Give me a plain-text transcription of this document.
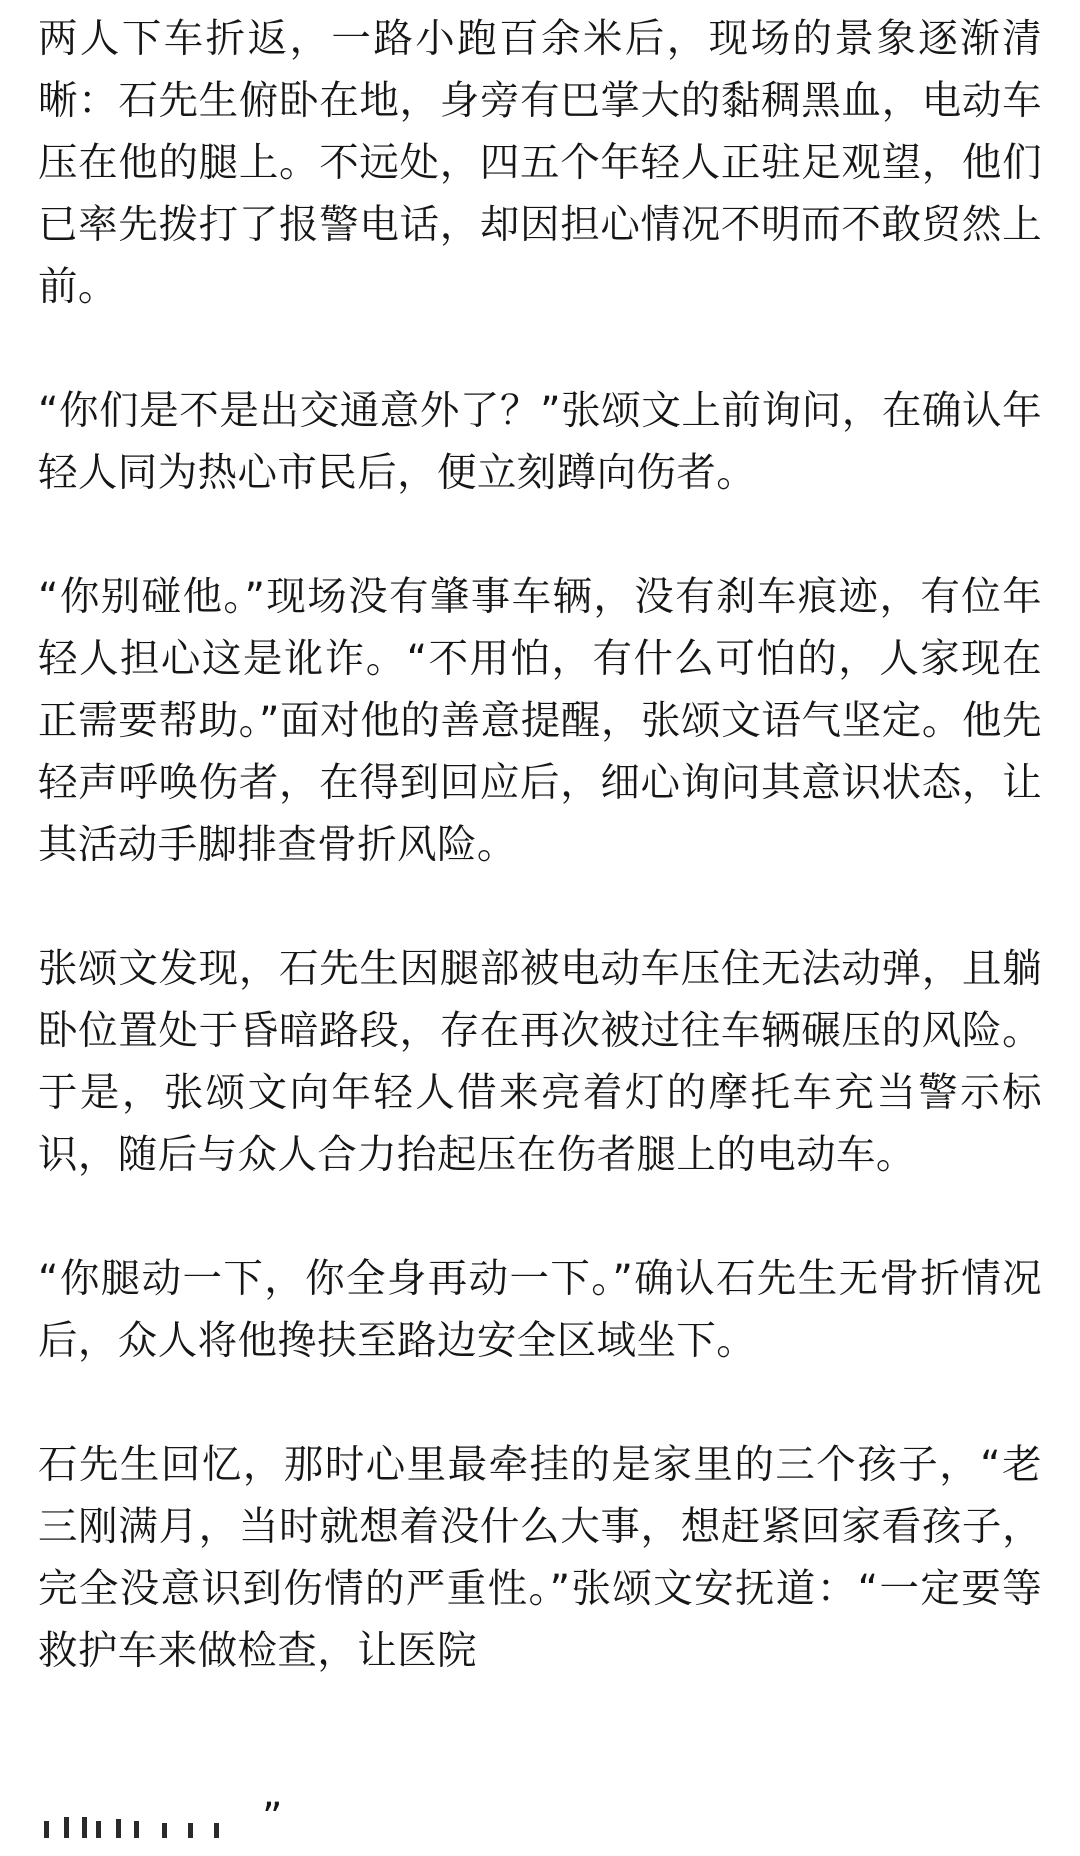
两人下车折返，一路小跑百余米后，现场的景象逐渐清晰：石先生俯卧在地，身旁有巴掌大的黏稠黑血，电动车压在他的腿上。不远处，四五个年轻人正驻足观望，他们已率先拨打了报警电话，却因担心情况不明而不敢贸然上前。

“你们是不是出交通意外了？”张颂文上前询问，在确认年轻人同为热心市民后，便立刻蹲向伤者。

“你别碰他。”现场没有肇事车辆，没有刹车痕迹，有位年轻人担心这是讹诈。“不用怕，有什么可怕的，人家现在正需要帮助。”面对他的善意提醒，张颂文语气坚定。他先轻声呼唤伤者，在得到回应后，细心询问其意识状态，让其活动手脚排查骨折风险。

张颂文发现，石先生因腿部被电动车压住无法动弹，且躺卧位置处于昏暗路段，存在再次被过往车辆碾压的风险。于是，张颂文向年轻人借来亮着灯的摩托车充当警示标识，随后与众人合力抬起压在伤者腿上的电动车。

“你腿动一下，你全身再动一下。”确认石先生无骨折情况后，众人将他搀扶至路边安全区域坐下。

石先生回忆，那时心里最牵挂的是家里的三个孩子，“老三刚满月，当时就想着没什么大事，想赶紧回家看孩子，完全没意识到伤情的严重性。”张颂文安抚道：“一定要等救护车来做检查，让医院

”
